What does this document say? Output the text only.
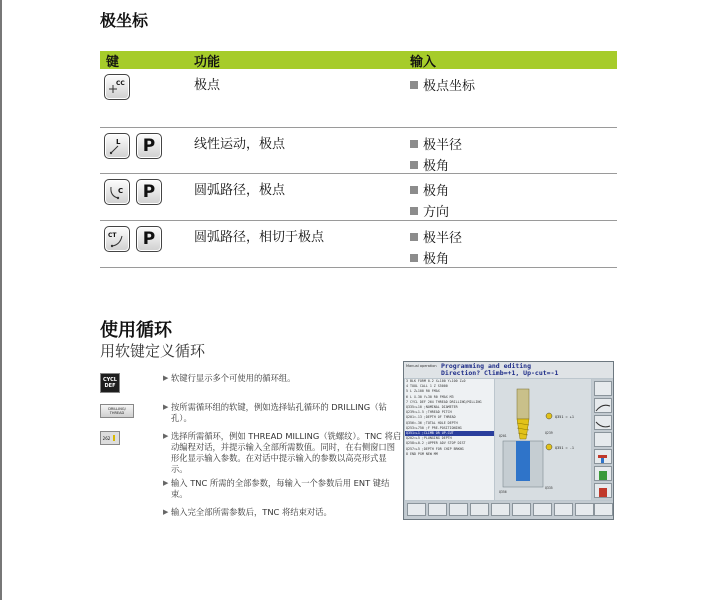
极坐标
键	功能	输入
CC	极点	极点坐标
L	P	线性运动，极点	极半径
极角
C	P	圆弧路径，极点	极角
方向
CT	P	圆弧路径，相切于极点	极半径
极角
使用循环
用软键定义循环
CYCL
DEF
DRILLING/
THREAD
262
▶ 软键行显示多个可使用的循环组。
▶ 按所需循环组的软键，例如选择钻孔循环的 DRILLING（钻孔）。
▶ 选择所需循环，例如 THREAD MILLING（铣螺纹）。TNC 将启动编程对话，并提示输入全部所需数值。同时，在右侧窗口图形化显示输入参数。在对话中提示输入的参数以高亮形式显示。
▶ 输入 TNC 所需的全部参数，每输入一个参数后用 ENT 键结束。
▶ 输入完全部所需参数后，TNC 将结束对话。
Manual operation Programming and editing
Direction? Climb=+1, Up-cut=-1
3 BLK FORM 0.2 X+100 Y+100 Z+0
4 TOOL CALL 1 Z S5000
5 L Z+100 R0 FMAX
6 L X-30 Y+30 R0 FMAX M3
7 CYCL DEF 264 THREAD DRILLING/MILLING
Q335=+10 ;NOMINAL DIAMETER
Q239=+1.5 ;THREAD PITCH
Q201=-13 ;DEPTH OF THREAD
Q356=-36 ;TOTAL HOLE DEPTH
Q253=+750 ;F PRE-POSITIONING
Q351=+1 ;CLIMB OR UP-CUT
Q202=+5 ;PLUNGING DEPTH
Q258=+0.2 ;UPPER ADV STOP DIST
Q257=+5 ;DEPTH FOR CHIP BRKNG
8 END PGM NEW MM
Q351 = +1
Q351 = -1
Q201
Q356
Q335
Q239
